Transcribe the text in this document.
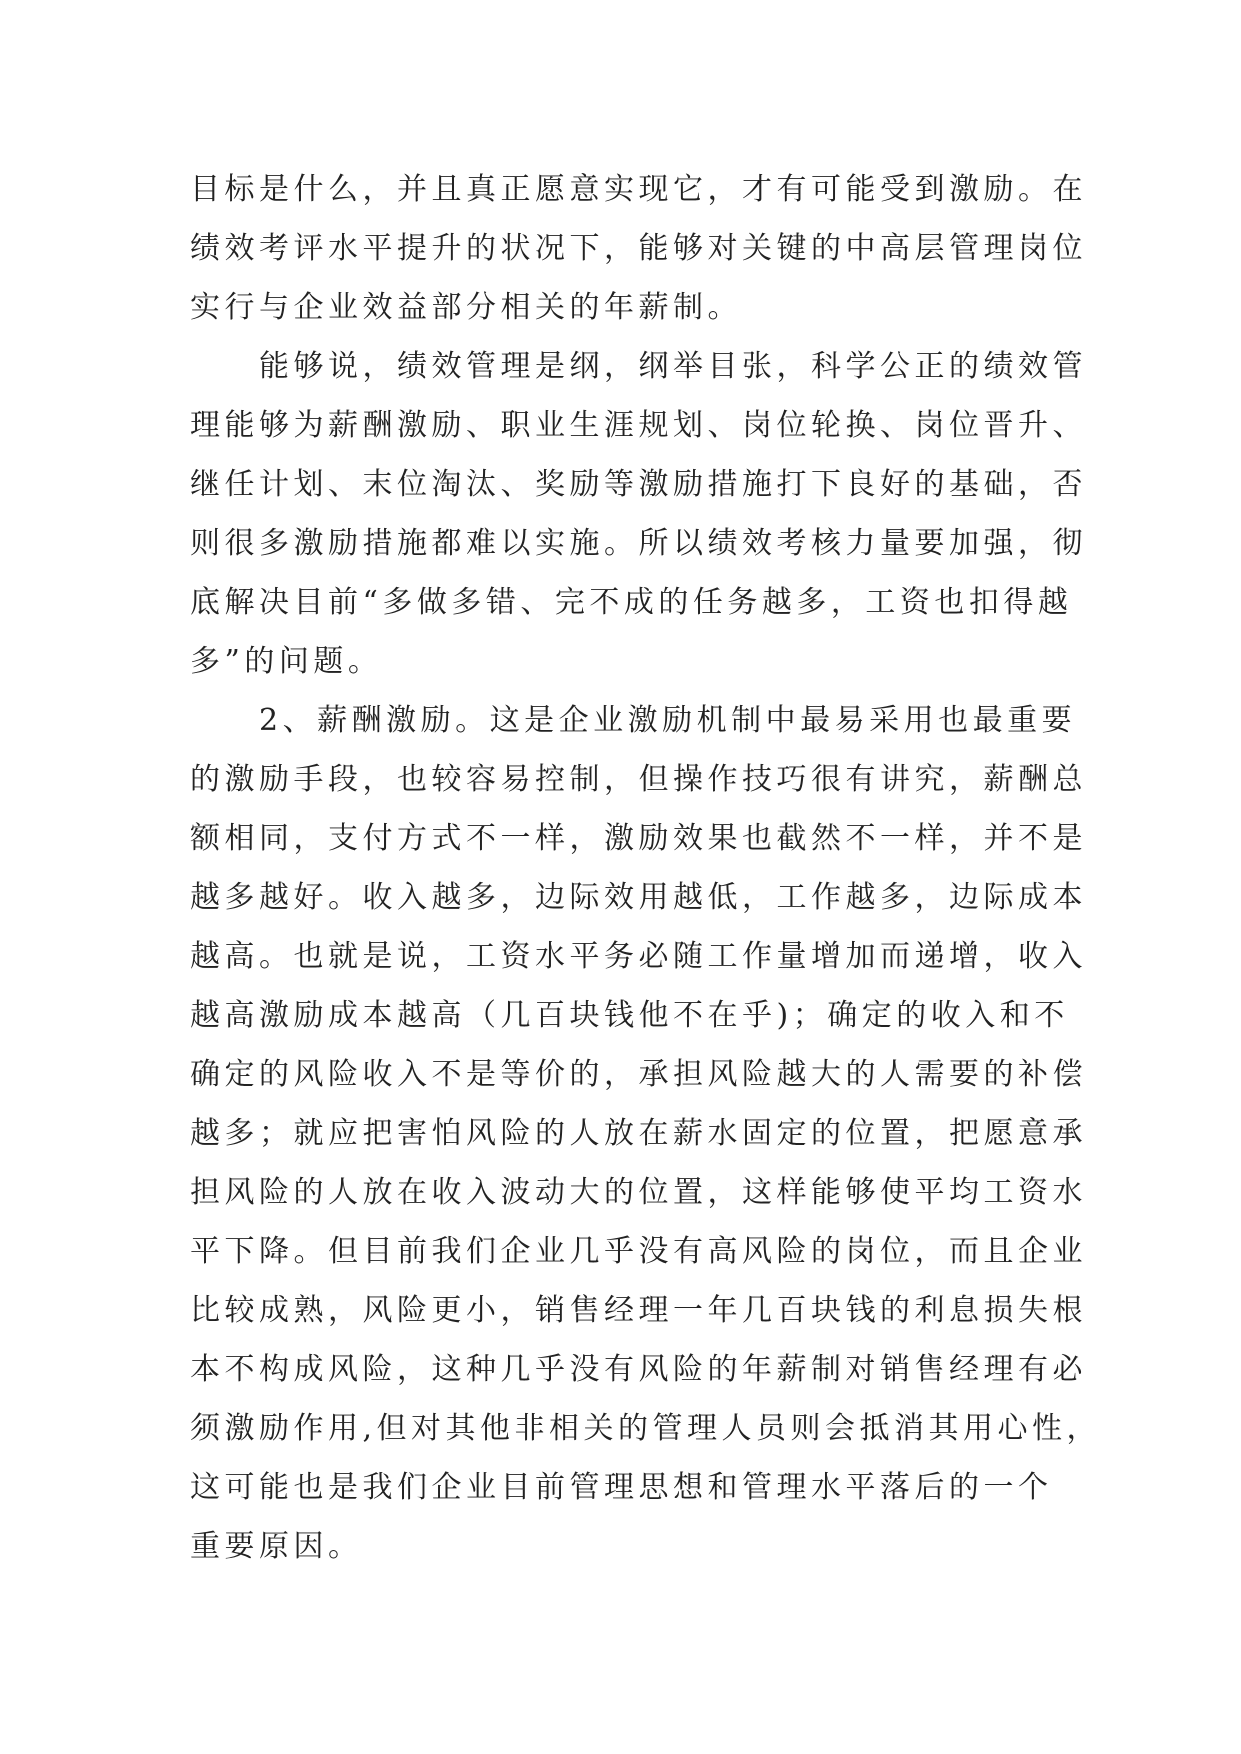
目标是什么，并且真正愿意实现它，才有可能受到激励。在
绩效考评水平提升的状况下，能够对关键的中高层管理岗位
实行与企业效益部分相关的年薪制。
　　能够说，绩效管理是纲，纲举目张，科学公正的绩效管
理能够为薪酬激励、职业生涯规划、岗位轮换、岗位晋升、
继任计划、末位淘汰、奖励等激励措施打下良好的基础，否
则很多激励措施都难以实施。所以绩效考核力量要加强，彻
底解决目前“多做多错、完不成的任务越多，工资也扣得越
多”的问题。
　　2、薪酬激励。这是企业激励机制中最易采用也最重要
的激励手段，也较容易控制，但操作技巧很有讲究，薪酬总
额相同，支付方式不一样，激励效果也截然不一样，并不是
越多越好。收入越多，边际效用越低，工作越多，边际成本
越高。也就是说，工资水平务必随工作量增加而递增，收入
越高激励成本越高（几百块钱他不在乎)；确定的收入和不
确定的风险收入不是等价的，承担风险越大的人需要的补偿
越多；就应把害怕风险的人放在薪水固定的位置，把愿意承
担风险的人放在收入波动大的位置，这样能够使平均工资水
平下降。但目前我们企业几乎没有高风险的岗位，而且企业
比较成熟，风险更小，销售经理一年几百块钱的利息损失根
本不构成风险，这种几乎没有风险的年薪制对销售经理有必
须激励作用,但对其他非相关的管理人员则会抵消其用心性，
这可能也是我们企业目前管理思想和管理水平落后的一个
重要原因。
